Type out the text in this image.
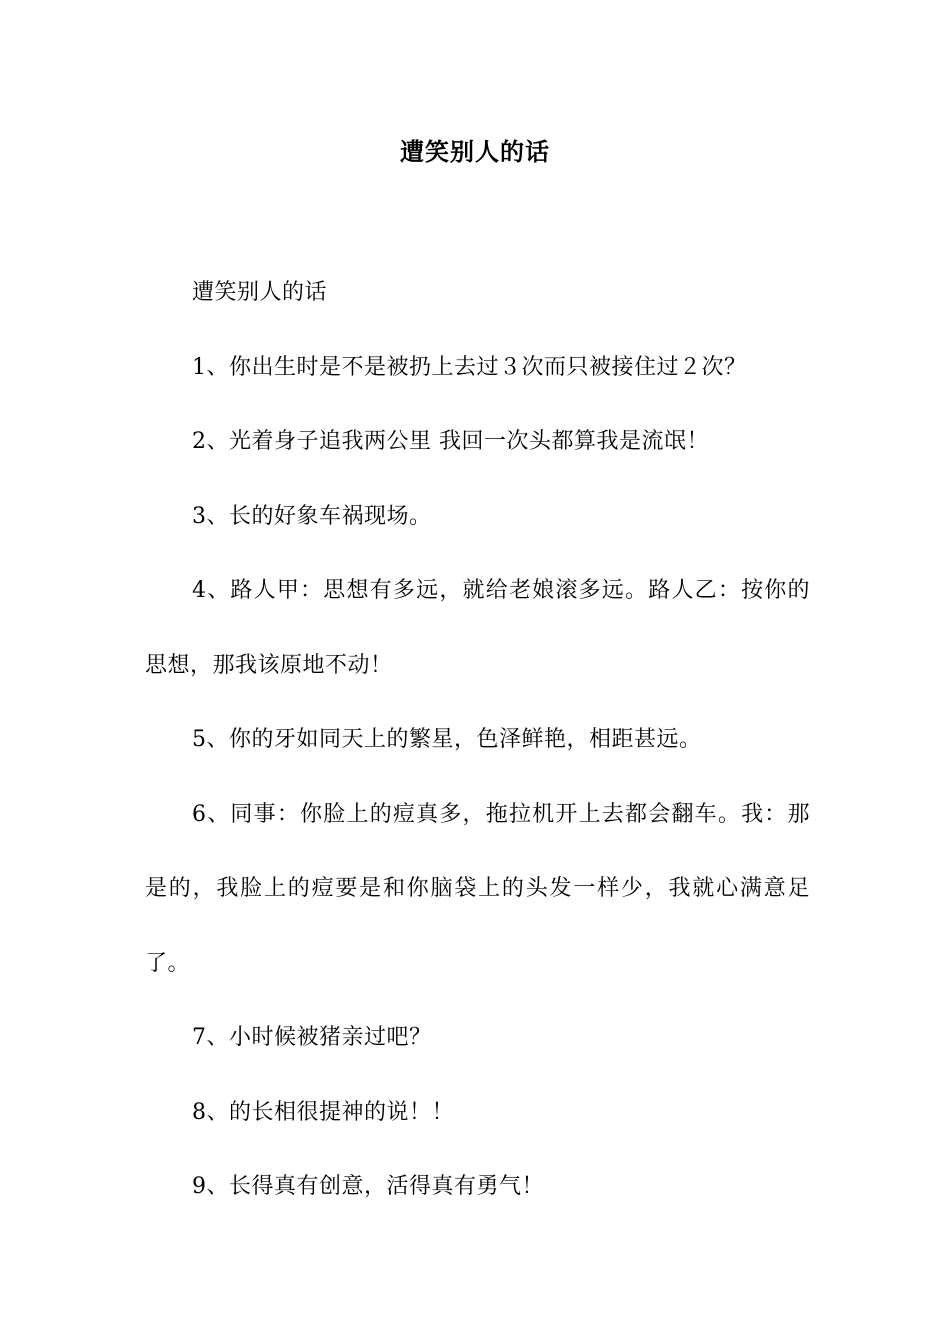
遭笑别人的话

遭笑别人的话

1、你出生时是不是被扔上去过３次而只被接住过２次？

2、光着身子追我两公里 我回一次头都算我是流氓！

3、长的好象车祸现场。

4、路人甲：思想有多远，就给老娘滚多远。路人乙：按你的思想，那我该原地不动！

5、你的牙如同天上的繁星，色泽鲜艳，相距甚远。

6、同事：你脸上的痘真多，拖拉机开上去都会翻车。我：那是的，我脸上的痘要是和你脑袋上的头发一样少，我就心满意足了。

7、小时候被猪亲过吧？

8、的长相很提神的说！！

9、长得真有创意，活得真有勇气！
